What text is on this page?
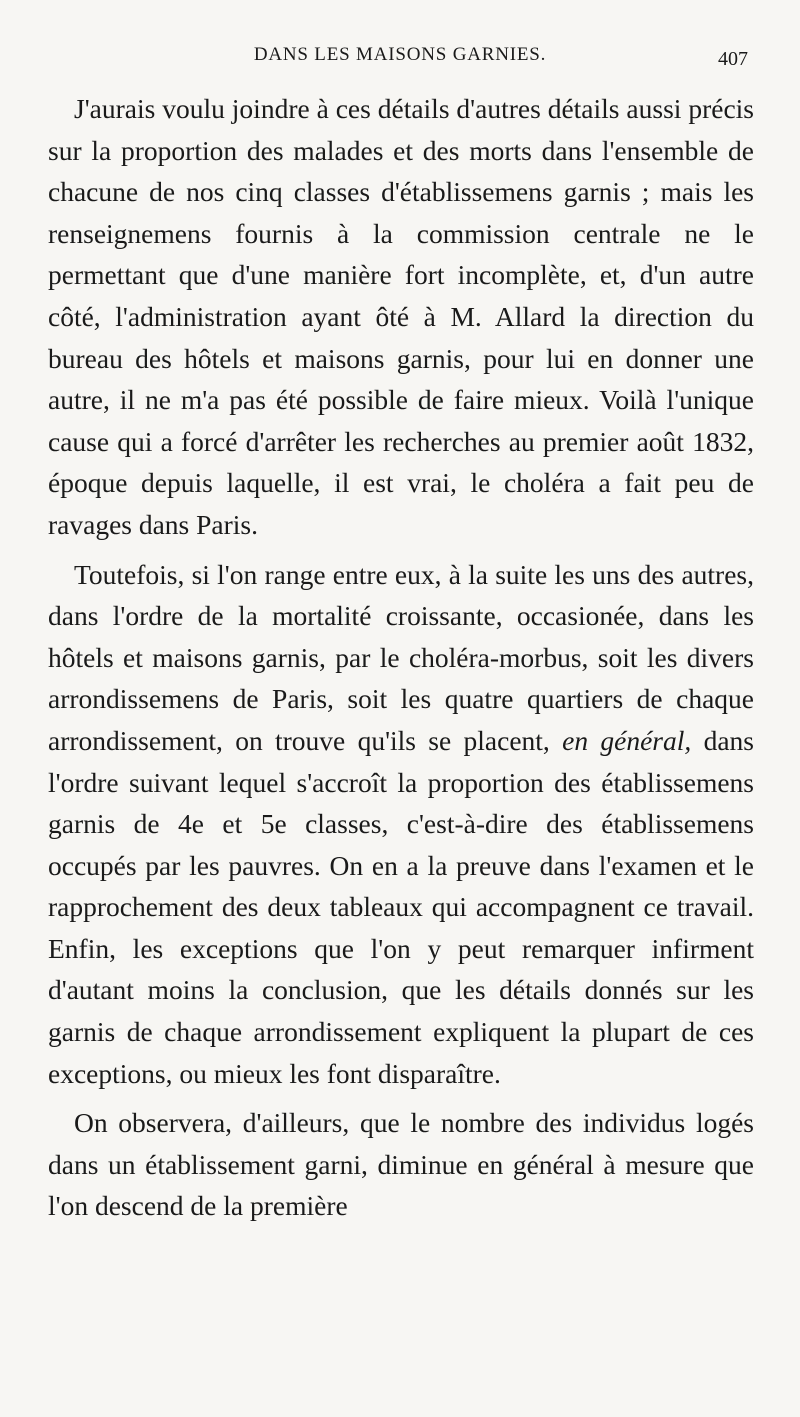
DANS LES MAISONS GARNIES.	407

J'aurais voulu joindre à ces détails d'autres détails aussi précis sur la proportion des malades et des morts dans l'ensemble de chacune de nos cinq classes d'établissemens garnis ; mais les renseignemens fournis à la commission centrale ne le permettant que d'une manière fort incomplète, et, d'un autre côté, l'administration ayant ôté à M. Allard la direction du bureau des hôtels et maisons garnis, pour lui en donner une autre, il ne m'a pas été possible de faire mieux. Voilà l'unique cause qui a forcé d'arrêter les recherches au premier août 1832, époque depuis laquelle, il est vrai, le choléra a fait peu de ravages dans Paris.

Toutefois, si l'on range entre eux, à la suite les uns des autres, dans l'ordre de la mortalité croissante, occasionée, dans les hôtels et maisons garnis, par le choléra-morbus, soit les divers arrondissemens de Paris, soit les quatre quartiers de chaque arrondissement, on trouve qu'ils se placent, en général, dans l'ordre suivant lequel s'accroît la proportion des établissemens garnis de 4e et 5e classes, c'est-à-dire des établissemens occupés par les pauvres. On en a la preuve dans l'examen et le rapprochement des deux tableaux qui accompagnent ce travail. Enfin, les exceptions que l'on y peut remarquer infirment d'autant moins la conclusion, que les détails donnés sur les garnis de chaque arrondissement expliquent la plupart de ces exceptions, ou mieux les font disparaître.

On observera, d'ailleurs, que le nombre des individus logés dans un établissement garni, diminue en général à mesure que l'on descend de la première
